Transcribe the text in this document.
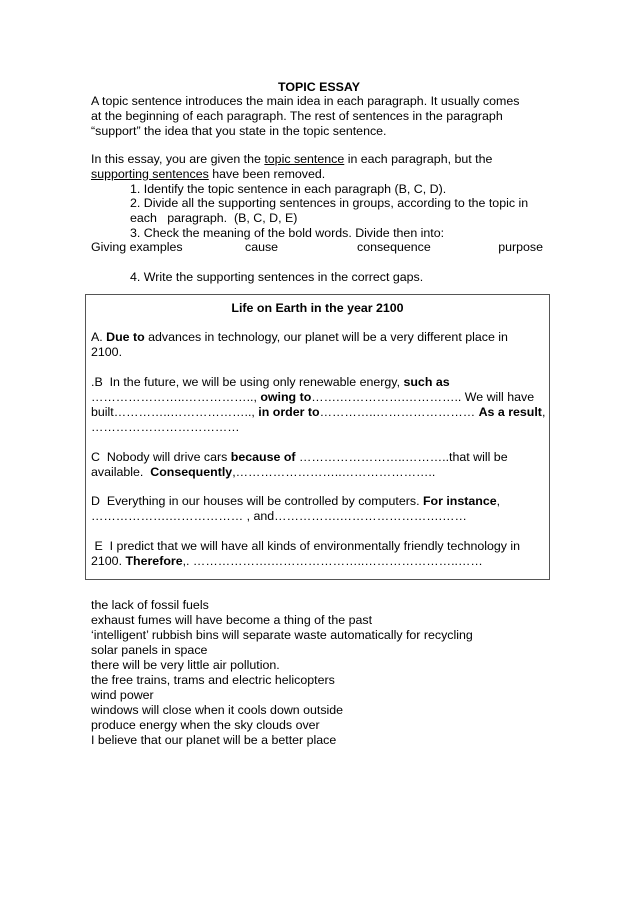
TOPIC ESSAY
A topic sentence introduces the main idea in each paragraph. It usually comes
at the beginning of each paragraph. The rest of sentences in the paragraph
“support” the idea that you state in the topic sentence.
In this essay, you are given the topic sentence in each paragraph, but the
supporting sentences have been removed.
1. Identify the topic sentence in each paragraph (B, C, D).
2. Divide all the supporting sentences in groups, according to the topic in
each   paragraph.  (B, C, D, E)
3. Check the meaning of the bold words. Divide then into:
Giving examples	cause	consequence	purpose
4. Write the supporting sentences in the correct gaps.
Life on Earth in the year 2100
A. Due to advances in technology, our planet will be a very different place in
2100.
.B  In the future, we will be using only renewable energy, such as
…………………..…………….., owing to…….…………….………….. We will have
built…………..……………….., in order to…………..…………………… As a result,
………………………………
C  Nobody will drive cars because of ……………………..………..that will be
available.  Consequently,……………………..…………………..
D  Everything in our houses will be controlled by computers. For instance,
……………….……………… , and…………….…………………….……
E  I predict that we will have all kinds of environmentally friendly technology in
2100. Therefore,. ……………….…………………..…………………..……
the lack of fossil fuels
exhaust fumes will have become a thing of the past
‘intelligent’ rubbish bins will separate waste automatically for recycling
solar panels in space
there will be very little air pollution.
the free trains, trams and electric helicopters
wind power
windows will close when it cools down outside
produce energy when the sky clouds over
I believe that our planet will be a better place
